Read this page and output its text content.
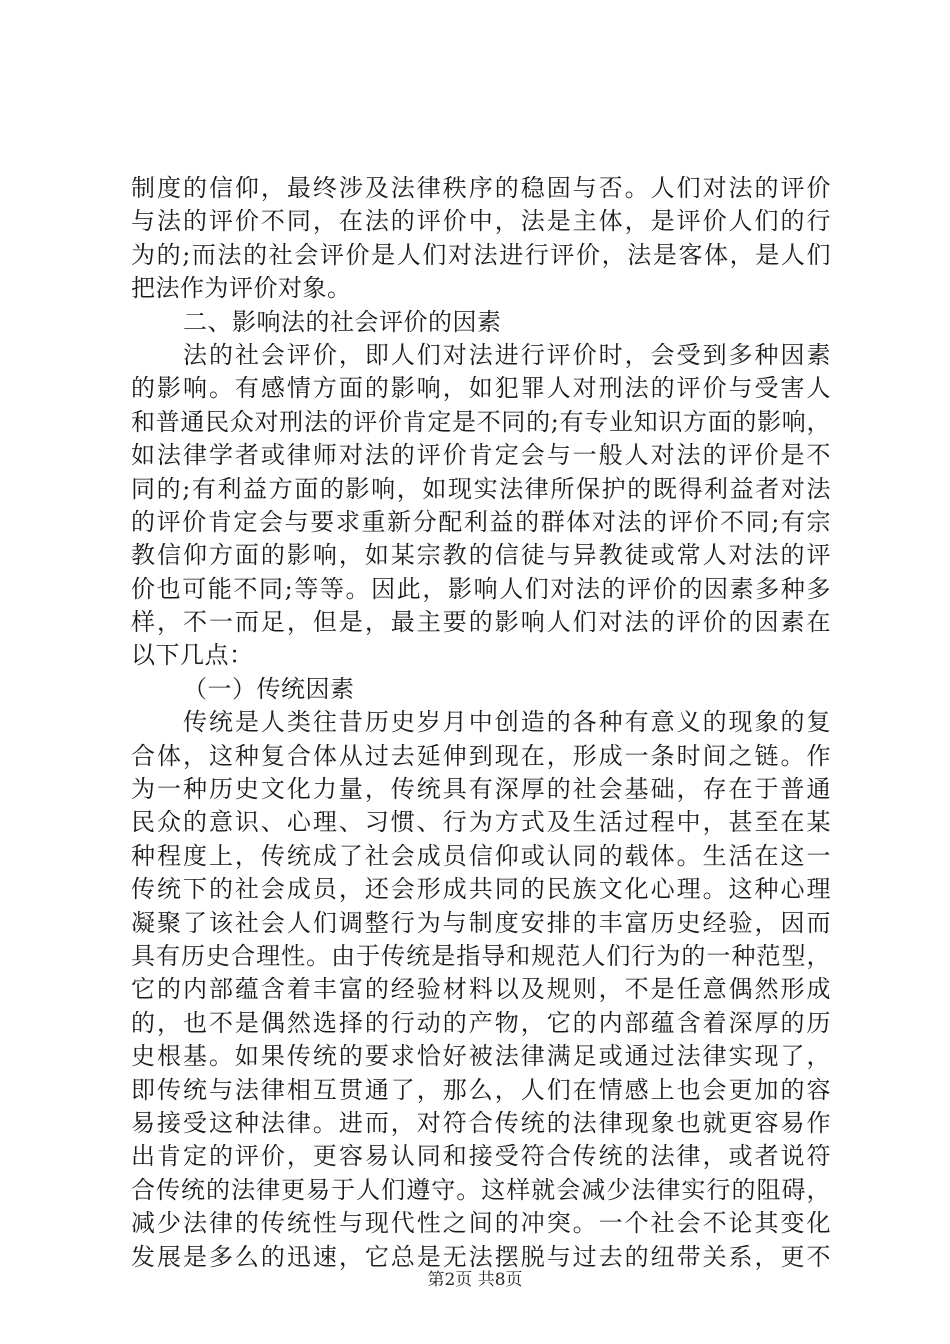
制度的信仰，最终涉及法律秩序的稳固与否。人们对法的评价
与法的评价不同，在法的评价中，法是主体，是评价人们的行
为的;而法的社会评价是人们对法进行评价，法是客体，是人们
把法作为评价对象。
二、影响法的社会评价的因素
法的社会评价，即人们对法进行评价时，会受到多种因素
的影响。有感情方面的影响，如犯罪人对刑法的评价与受害人
和普通民众对刑法的评价肯定是不同的;有专业知识方面的影响，
如法律学者或律师对法的评价肯定会与一般人对法的评价是不
同的;有利益方面的影响，如现实法律所保护的既得利益者对法
的评价肯定会与要求重新分配利益的群体对法的评价不同;有宗
教信仰方面的影响，如某宗教的信徒与异教徒或常人对法的评
价也可能不同;等等。因此，影响人们对法的评价的因素多种多
样，不一而足，但是，最主要的影响人们对法的评价的因素在
以下几点：
（一）传统因素
传统是人类往昔历史岁月中创造的各种有意义的现象的复
合体，这种复合体从过去延伸到现在，形成一条时间之链。作
为一种历史文化力量，传统具有深厚的社会基础，存在于普通
民众的意识、心理、习惯、行为方式及生活过程中，甚至在某
种程度上，传统成了社会成员信仰或认同的载体。生活在这一
传统下的社会成员，还会形成共同的民族文化心理。这种心理
凝聚了该社会人们调整行为与制度安排的丰富历史经验，因而
具有历史合理性。由于传统是指导和规范人们行为的一种范型，
它的内部蕴含着丰富的经验材料以及规则，不是任意偶然形成
的，也不是偶然选择的行动的产物，它的内部蕴含着深厚的历
史根基。如果传统的要求恰好被法律满足或通过法律实现了，
即传统与法律相互贯通了，那么，人们在情感上也会更加的容
易接受这种法律。进而，对符合传统的法律现象也就更容易作
出肯定的评价，更容易认同和接受符合传统的法律，或者说符
合传统的法律更易于人们遵守。这样就会减少法律实行的阻碍，
减少法律的传统性与现代性之间的冲突。一个社会不论其变化
发展是多么的迅速，它总是无法摆脱与过去的纽带关系，更不
第2页 共8页
